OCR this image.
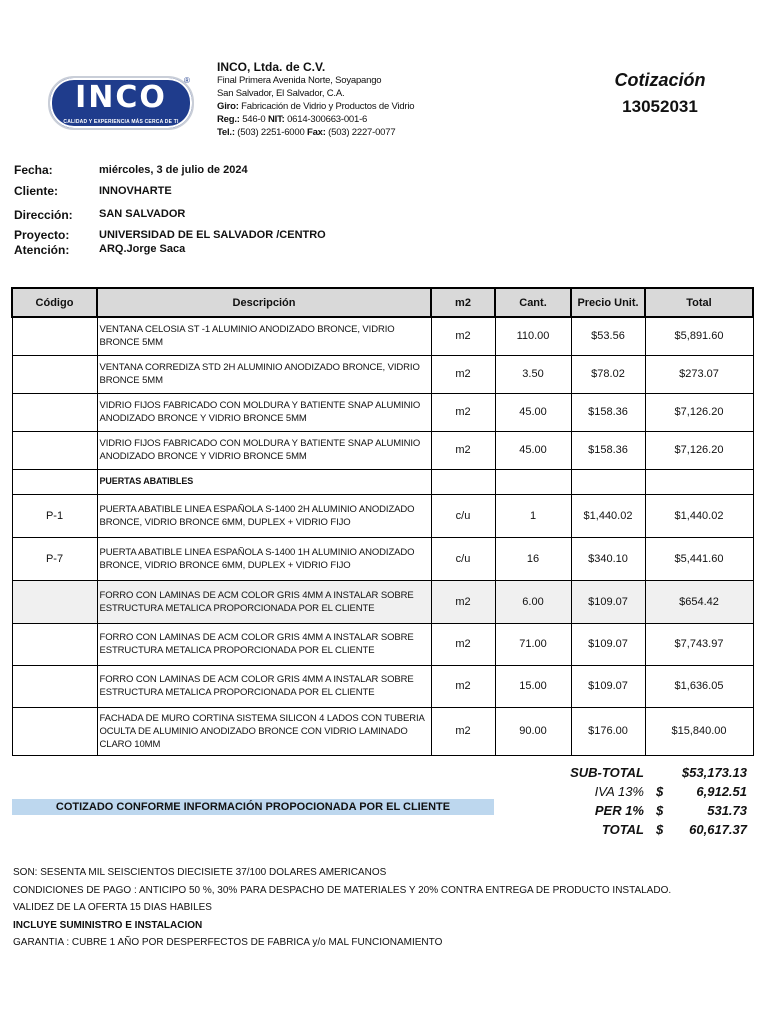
INCO
CALIDAD Y EXPERIENCIA MÁS CERCA DE TI
®
INCO, Ltda. de C.V.
Final Primera Avenida Norte, Soyapango
San Salvador, El Salvador, C.A.
Giro: Fabricación de Vidrio y Productos de Vidrio
Reg.: 546-0 NIT: 0614-300663-001-6
Tel.: (503) 2251-6000 Fax: (503) 2227-0077
Cotización
13052031
Fecha:	miércoles, 3 de julio de 2024
Cliente:	INNOVHARTE
Dirección: SAN SALVADOR
Proyecto:	UNIVERSIDAD DE EL SALVADOR /CENTRO
Atención:	ARQ.Jorge Saca
Código	Descripción	m2	Cant.	Precio Unit.	Total
	VENTANA CELOSIA ST -1 ALUMINIO ANODIZADO BRONCE, VIDRIO BRONCE 5MM	m2	110.00	$53.56	$5,891.60
	VENTANA CORREDIZA STD 2H ALUMINIO ANODIZADO BRONCE, VIDRIO BRONCE 5MM	m2	3.50	$78.02	$273.07
	VIDRIO FIJOS FABRICADO CON MOLDURA Y BATIENTE SNAP ALUMINIO ANODIZADO BRONCE Y VIDRIO BRONCE 5MM	m2	45.00	$158.36	$7,126.20
	VIDRIO FIJOS FABRICADO CON MOLDURA Y BATIENTE SNAP ALUMINIO ANODIZADO BRONCE Y VIDRIO BRONCE 5MM	m2	45.00	$158.36	$7,126.20
	PUERTAS ABATIBLES				
P-1	PUERTA ABATIBLE LINEA ESPAÑOLA S-1400 2H ALUMINIO ANODIZADO BRONCE, VIDRIO BRONCE 6MM, DUPLEX + VIDRIO FIJO	c/u	1	$1,440.02	$1,440.02
P-7	PUERTA ABATIBLE LINEA ESPAÑOLA S-1400 1H ALUMINIO ANODIZADO BRONCE, VIDRIO BRONCE 6MM, DUPLEX + VIDRIO FIJO	c/u	16	$340.10	$5,441.60
	FORRO CON LAMINAS DE ACM COLOR GRIS 4MM A INSTALAR SOBRE ESTRUCTURA METALICA PROPORCIONADA POR EL CLIENTE	m2	6.00	$109.07	$654.42
	FORRO CON LAMINAS DE ACM COLOR GRIS 4MM A INSTALAR SOBRE ESTRUCTURA METALICA PROPORCIONADA POR EL CLIENTE	m2	71.00	$109.07	$7,743.97
	FORRO CON LAMINAS DE ACM COLOR GRIS 4MM A INSTALAR SOBRE ESTRUCTURA METALICA PROPORCIONADA POR EL CLIENTE	m2	15.00	$109.07	$1,636.05
	FACHADA DE MURO CORTINA SISTEMA SILICON 4 LADOS CON TUBERIA OCULTA DE ALUMINIO ANODIZADO BRONCE CON VIDRIO LAMINADO CLARO 10MM	m2	90.00	$176.00	$15,840.00
SUB-TOTAL	$53,173.13
IVA 13% $	6,912.51
PER 1% $	531.73
TOTAL $ 60,617.37
COTIZADO CONFORME INFORMACIÓN PROPOCIONADA POR EL CLIENTE
SON: SESENTA MIL SEISCIENTOS DIECISIETE 37/100 DOLARES AMERICANOS
CONDICIONES DE PAGO : ANTICIPO 50 %, 30% PARA DESPACHO DE MATERIALES Y 20% CONTRA ENTREGA DE PRODUCTO INSTALADO.
VALIDEZ DE LA OFERTA 15 DIAS HABILES
INCLUYE SUMINISTRO E INSTALACION
GARANTIA : CUBRE 1 AÑO POR DESPERFECTOS DE FABRICA y/o MAL FUNCIONAMIENTO
